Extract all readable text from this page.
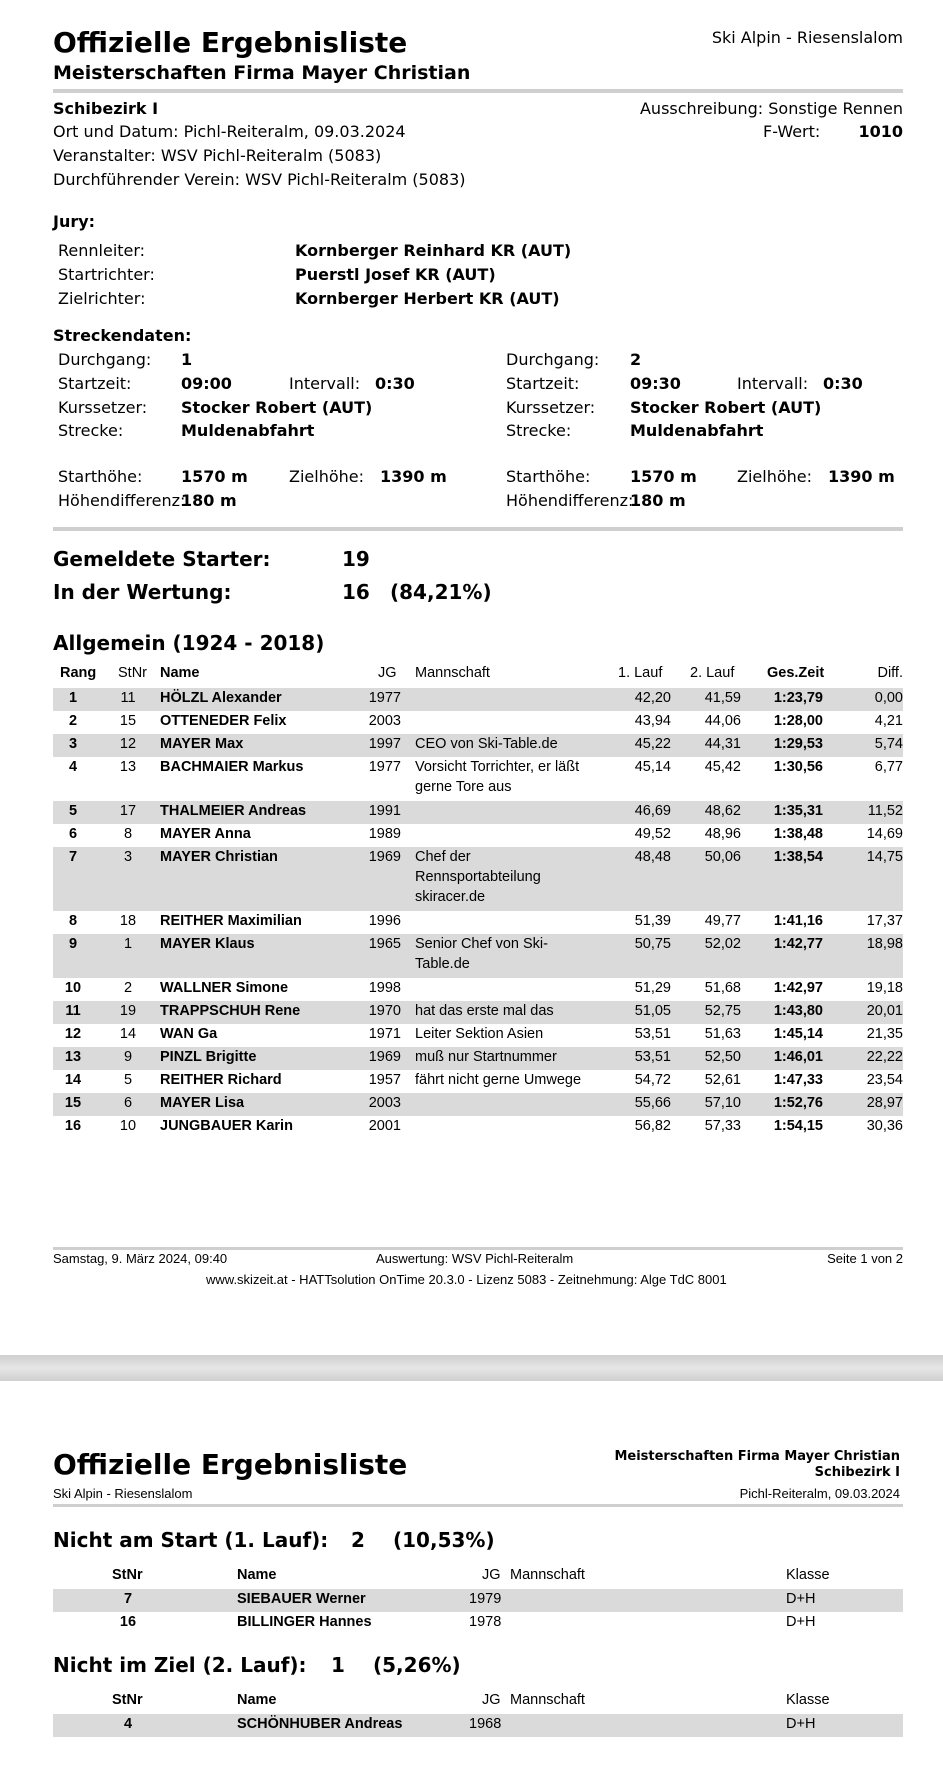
Offizielle Ergebnisliste
Meisterschaften Firma Mayer Christian
Ski Alpin - Riesenslalom
Schibezirk I
Ort und Datum: Pichl-Reiteralm, 09.03.2024
Veranstalter: WSV Pichl-Reiteralm (5083)
Durchführender Verein: WSV Pichl-Reiteralm (5083)
Ausschreibung: Sonstige Rennen
F-Wert: 1010
Jury:
Rennleiter:	Kornberger Reinhard KR (AUT)
Startrichter:	Puerstl Josef KR (AUT)
Zielrichter:	Kornberger Herbert KR (AUT)
Streckendaten:
Durchgang: 1
Startzeit:	09:00	Intervall: 0:30
Kurssetzer: Stocker Robert (AUT)
Strecke:	Muldenabfahrt
Starthöhe: 1570 m	Zielhöhe: 1390 m
Höhendifferenz:
180 m
Durchgang: 2
Startzeit:	09:30	Intervall: 0:30
Kurssetzer: Stocker Robert (AUT)
Strecke:	Muldenabfahrt
Starthöhe: 1570 m	Zielhöhe: 1390 m
Höhendifferenz:
180 m
Gemeldete Starter:	19
In der Wertung:	16 (84,21%)
Allgemein (1924 - 2018)
Rang StNr Name	JG Mannschaft	1. Lauf 2. Lauf Ges.Zeit	Diff.
1	11	HÖLZL Alexander	1977	42,20	41,59	1:23,79	0,00
2	15	OTTENEDER Felix	2003	43,94	44,06	1:28,00	4,21
3	12	MAYER Max	1997 CEO von Ski-Table.de	45,22	44,31	1:29,53	5,74
4	13	BACHMAIER Markus	1977 Vorsicht Torrichter, er läßt
gerne Tore aus
45,14	45,42	1:30,56	6,77
5	17	THALMEIER Andreas	1991	46,69	48,62	1:35,31	11,52
6	8	MAYER Anna	1989	49,52	48,96	1:38,48	14,69
7	3	MAYER Christian	1969 Chef der
Rennsportabteilung
skiracer.de
48,48	50,06	1:38,54	14,75
8	18	REITHER Maximilian	1996	51,39	49,77	1:41,16	17,37
9	1	MAYER Klaus	1965 Senior Chef von Ski-
Table.de
50,75	52,02	1:42,77	18,98
10	2	WALLNER Simone	1998	51,29	51,68	1:42,97	19,18
11	19	TRAPPSCHUH Rene	1970 hat das erste mal das	51,05	52,75	1:43,80	20,01
12	14	WAN Ga	1971 Leiter Sektion Asien	53,51	51,63	1:45,14	21,35
13	9	PINZL Brigitte	1969 muß nur Startnummer	53,51	52,50	1:46,01	22,22
14	5	REITHER Richard	1957 fährt nicht gerne Umwege	54,72	52,61	1:47,33	23,54
15	6	MAYER Lisa	2003	55,66	57,10	1:52,76	28,97
16	10	JUNGBAUER Karin	2001	56,82	57,33	1:54,15	30,36
Samstag, 9. März 2024, 09:40	Auswertung: WSV Pichl-Reiteralm	Seite 1 von 2
www.skizeit.at - HATTsolution OnTime 20.3.0 - Lizenz 5083 - Zeitnehmung: Alge TdC 8001
Offizielle Ergebnisliste	Meisterschaften Firma Mayer Christian
Schibezirk I
Ski Alpin - Riesenslalom	Pichl-Reiteralm, 09.03.2024
Nicht am Start (1. Lauf): 2 (10,53%)
StNr	Name	JG Mannschaft	Klasse
7	SIEBAUER Werner	1979	D+H
16	BILLINGER Hannes	1978	D+H
Nicht im Ziel (2. Lauf): 1 (5,26%)
StNr	Name	JG Mannschaft	Klasse
4	SCHÖNHUBER Andreas	1968	D+H
